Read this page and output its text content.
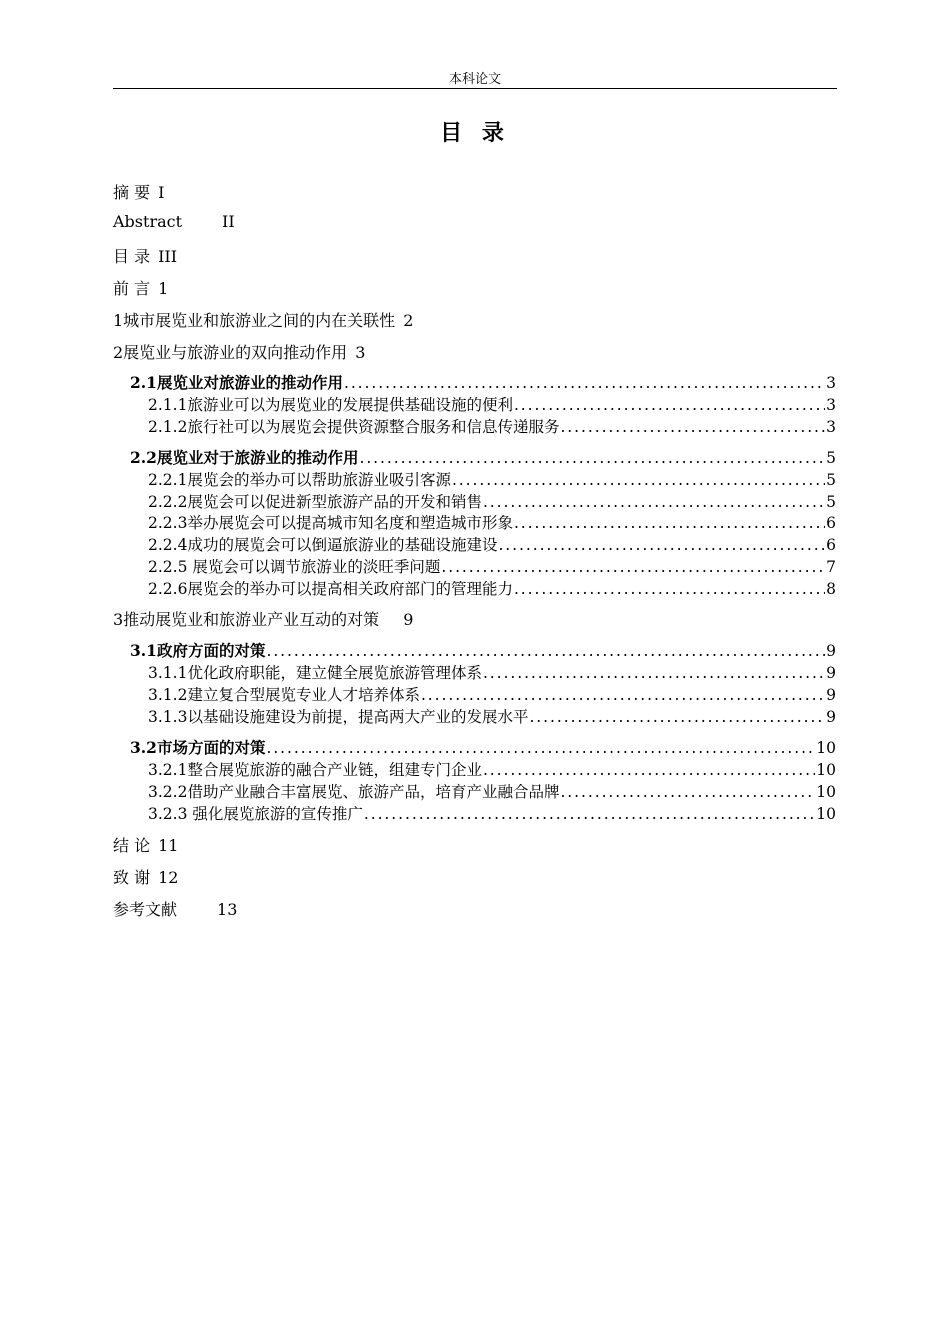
本科论文
目 录
摘 要 I
Abstract	II
目 录 III
前 言 1
1城市展览业和旅游业之间的内在关联性 2
2展览业与旅游业的双向推动作用 3
2.1展览业对旅游业的推动作用 . . .	3
2.1.1旅游业可以为展览业的发展提供基础设施的便利 . . .	3
2.1.2旅行社可以为展览会提供资源整合服务和信息传递服务 . . .	3
2.2展览业对于旅游业的推动作用 . . .	5
2.2.1展览会的举办可以帮助旅游业吸引客源 . . .	5
2.2.2展览会可以促进新型旅游产品的开发和销售 . . .	5
2.2.3举办展览会可以提高城市知名度和塑造城市形象 . . .	6
2.2.4成功的展览会可以倒逼旅游业的基础设施建设 . . .	6
2.2.5 展览会可以调节旅游业的淡旺季问题 . . .	7
2.2.6展览会的举办可以提高相关政府部门的管理能力 . . .	8
3推动展览业和旅游业产业互动的对策 9
3.1政府方面的对策 . . .	9
3.1.1优化政府职能，建立健全展览旅游管理体系 . . .	9
3.1.2建立复合型展览专业人才培养体系 . . .	9
3.1.3以基础设施建设为前提，提高两大产业的发展水平 . . .	9
3.2市场方面的对策 . . .	10
3.2.1整合展览旅游的融合产业链，组建专门企业 . . .	10
3.2.2借助产业融合丰富展览、旅游产品，培育产业融合品牌 . . .	10
3.2.3 强化展览旅游的宣传推广 . . .	10
结 论 11
致 谢 12
参考文献	13
